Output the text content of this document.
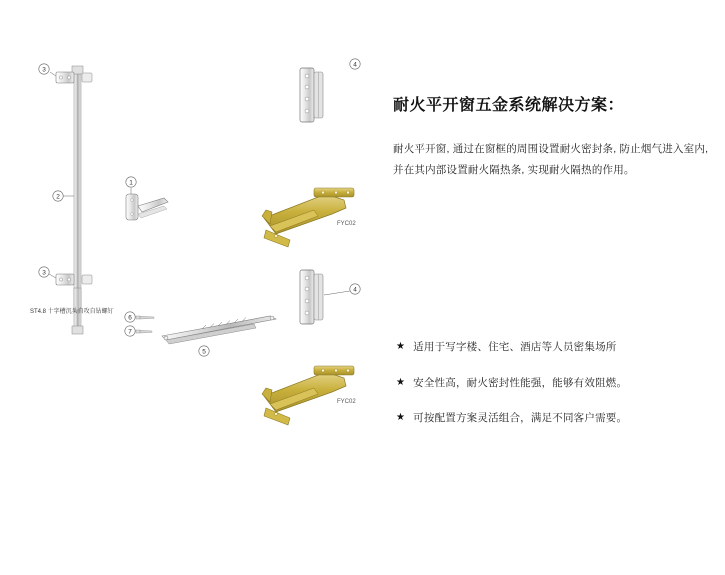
FYC02
FYC02
1
2
3
3
4
4
5
6
7
ST4.8 十字槽沉头自攻自钻螺钉
耐火平开窗五金系统解决方案：

耐火平开窗, 通过在窗框的周围设置耐火密封条, 防止烟气进入室内, 并在其内部设置耐火隔热条, 实现耐火隔热的作用。

★ 适用于写字楼、住宅、酒店等人员密集场所
★ 安全性高，耐火密封性能强，能够有效阻燃。
★ 可按配置方案灵活组合，满足不同客户需要。
